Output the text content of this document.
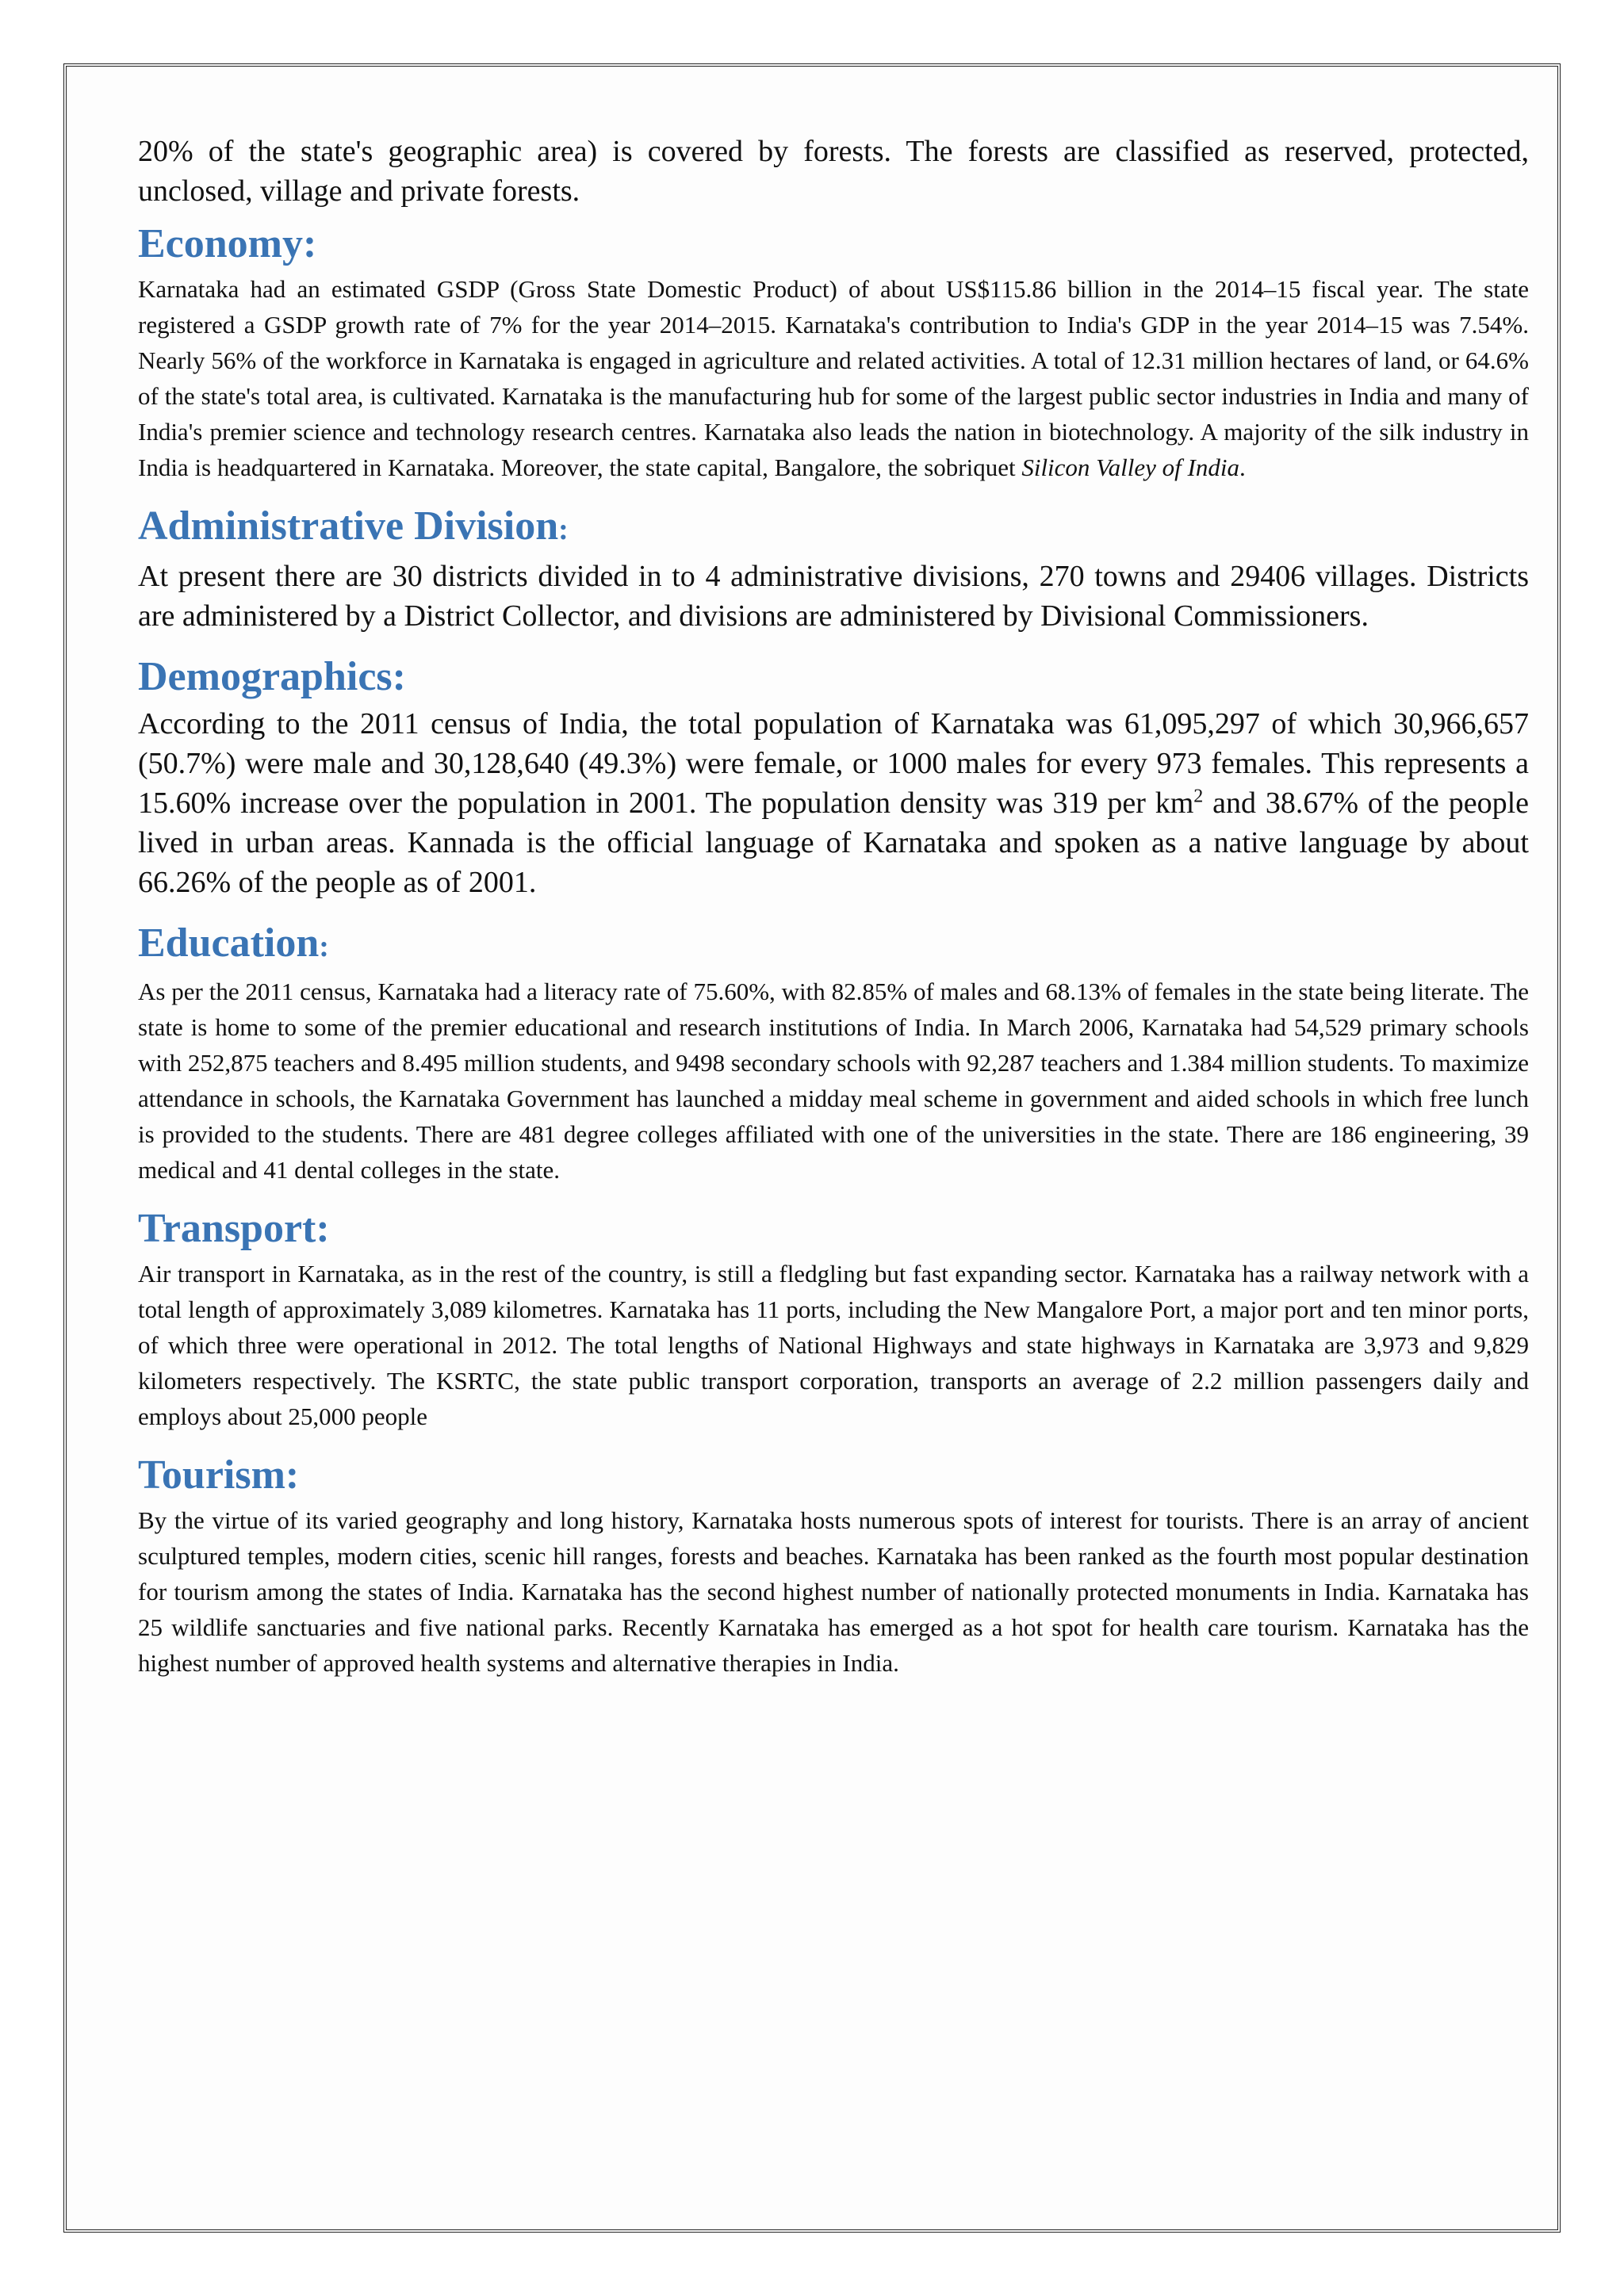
20% of the state's geographic area) is covered by forests. The forests are classified as reserved, protected, unclosed, village and private forests.

Economy:

Karnataka had an estimated GSDP (Gross State Domestic Product) of about US$115.86 billion in the 2014–15 fiscal year. The state registered a GSDP growth rate of 7% for the year 2014–2015. Karnataka's contribution to India's GDP in the year 2014–15 was 7.54%. Nearly 56% of the workforce in Karnataka is engaged in agriculture and related activities. A total of 12.31 million hectares of land, or 64.6% of the state's total area, is cultivated. Karnataka is the manufacturing hub for some of the largest public sector industries in India and many of India's premier science and technology research centres. Karnataka also leads the nation in biotechnology. A majority of the silk industry in India is headquartered in Karnataka. Moreover, the state capital, Bangalore, the sobriquet Silicon Valley of India.

Administrative Division:

At present there are 30 districts divided in to 4 administrative divisions, 270 towns and 29406 villages. Districts are administered by a District Collector, and divisions are administered by Divisional Commissioners.

Demographics:

According to the 2011 census of India, the total population of Karnataka was 61,095,297 of which 30,966,657 (50.7%) were male and 30,128,640 (49.3%) were female, or 1000 males for every 973 females. This represents a 15.60% increase over the population in 2001. The population density was 319 per $km^2$ and 38.67% of the people lived in urban areas. Kannada is the official language of Karnataka and spoken as a native language by about 66.26% of the people as of 2001.

Education:

As per the 2011 census, Karnataka had a literacy rate of 75.60%, with 82.85% of males and 68.13% of females in the state being literate. The state is home to some of the premier educational and research institutions of India. In March 2006, Karnataka had 54,529 primary schools with 252,875 teachers and 8.495 million students, and 9498 secondary schools with 92,287 teachers and 1.384 million students. To maximize attendance in schools, the Karnataka Government has launched a midday meal scheme in government and aided schools in which free lunch is provided to the students. There are 481 degree colleges affiliated with one of the universities in the state. There are 186 engineering, 39 medical and 41 dental colleges in the state.

Transport:

Air transport in Karnataka, as in the rest of the country, is still a fledgling but fast expanding sector. Karnataka has a railway network with a total length of approximately 3,089 kilometres. Karnataka has 11 ports, including the New Mangalore Port, a major port and ten minor ports, of which three were operational in 2012. The total lengths of National Highways and state highways in Karnataka are 3,973 and 9,829 kilometers respectively. The KSRTC, the state public transport corporation, transports an average of 2.2 million passengers daily and employs about 25,000 people

Tourism:

By the virtue of its varied geography and long history, Karnataka hosts numerous spots of interest for tourists. There is an array of ancient sculptured temples, modern cities, scenic hill ranges, forests and beaches. Karnataka has been ranked as the fourth most popular destination for tourism among the states of India. Karnataka has the second highest number of nationally protected monuments in India. Karnataka has 25 wildlife sanctuaries and five national parks. Recently Karnataka has emerged as a hot spot for health care tourism. Karnataka has the highest number of approved health systems and alternative therapies in India.
